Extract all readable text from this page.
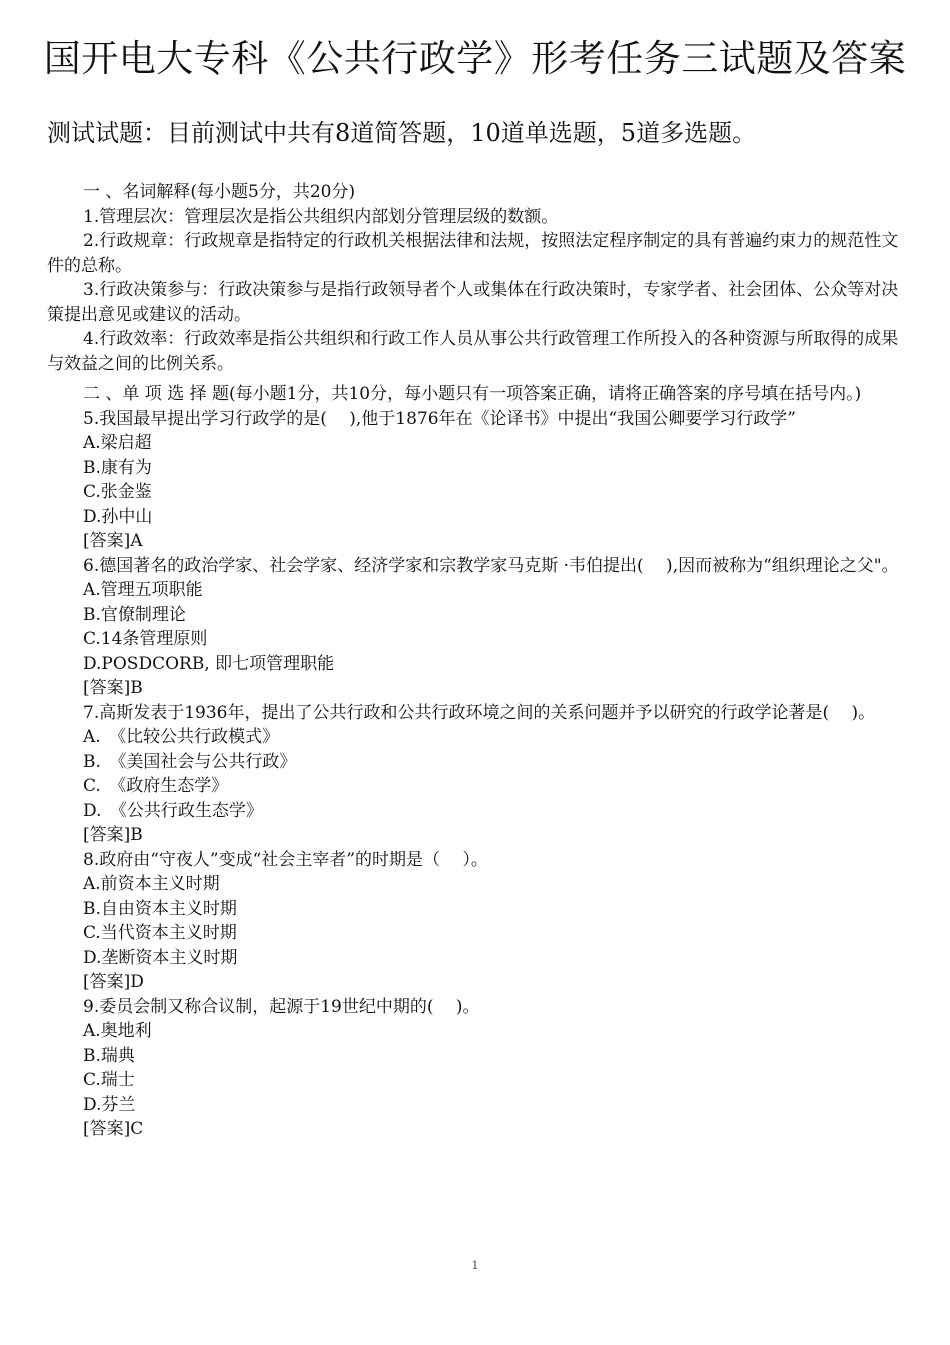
国开电大专科《公共行政学》形考任务三试题及答案

测试试题：目前测试中共有8道简答题，10道单选题，5道多选题。

一 、名词解释(每小题5分，共20分)

1.管理层次：管理层次是指公共组织内部划分管理层级的数额。

2.行政规章：行政规章是指特定的行政机关根据法律和法规，按照法定程序制定的具有普遍约束力的规范性文件的总称。

3.行政决策参与：行政决策参与是指行政领导者个人或集体在行政决策时，专家学者、社会团体、公众等对决策提出意见或建议的活动。

4.行政效率：行政效率是指公共组织和行政工作人员从事公共行政管理工作所投入的各种资源与所取得的成果与效益之间的比例关系。

二 、单 项 选 择 题(每小题1分，共10分，每小题只有一项答案正确，请将正确答案的序号填在括号内。)

5.我国最早提出学习行政学的是(　 ),他于1876年在《论译书》中提出“我国公卿要学习行政学”

A.梁启超

B.康有为

C.张金鉴

D.孙中山

[答案]A

6.德国著名的政治学家、社会学家、经济学家和宗教学家马克斯 ·韦伯提出(　 ),因而被称为“组织理论之父"。

A.管理五项职能

B.官僚制理论

C.14条管理原则

D.POSDCORB, 即七项管理职能

[答案]B

7.高斯发表于1936年，提出了公共行政和公共行政环境之间的关系问题并予以研究的行政学论著是(　 )。

A.　《比较公共行政模式》

B.　《美国社会与公共行政》

C.　《政府生态学》

D.　《公共行政生态学》

[答案]B

8.政府由“守夜人”变成“社会主宰者”的时期是（　 ）。

A.前资本主义时期

B.自由资本主义时期

C.当代资本主义时期

D.垄断资本主义时期

[答案]D

9.委员会制又称合议制，起源于19世纪中期的(　 )。

A.奥地利

B.瑞典

C.瑞士

D.芬兰

[答案]C

1
